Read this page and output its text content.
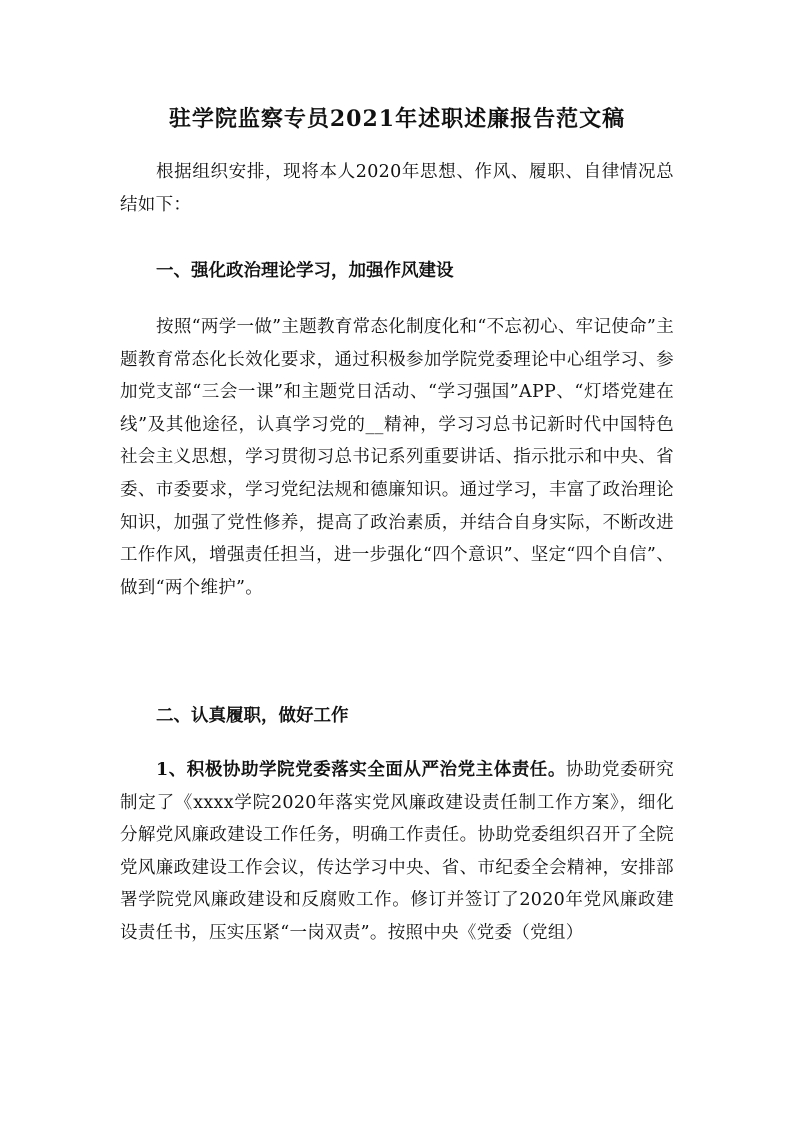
驻学院监察专员2021年述职述廉报告范文稿
根据组织安排，现将本人2020年思想、作风、履职、自律情况总结如下：
一、强化政治理论学习，加强作风建设
按照“两学一做”主题教育常态化制度化和“不忘初心、牢记使命”主题教育常态化长效化要求，通过积极参加学院党委理论中心组学习、参加党支部“三会一课”和主题党日活动、“学习强国”APP、“灯塔党建在线”及其他途径，认真学习党的__精神，学习习总书记新时代中国特色社会主义思想，学习贯彻习总书记系列重要讲话、指示批示和中央、省委、市委要求，学习党纪法规和德廉知识。通过学习，丰富了政治理论知识，加强了党性修养，提高了政治素质，并结合自身实际，不断改进工作作风，增强责任担当，进一步强化“四个意识”、坚定“四个自信”、做到“两个维护”。
二、认真履职，做好工作
1、积极协助学院党委落实全面从严治党主体责任。协助党委研究制定了《xxxx学院2020年落实党风廉政建设责任制工作方案》，细化分解党风廉政建设工作任务，明确工作责任。协助党委组织召开了全院党风廉政建设工作会议，传达学习中央、省、市纪委全会精神，安排部署学院党风廉政建设和反腐败工作。修订并签订了2020年党风廉政建设责任书，压实压紧“一岗双责”。按照中央《党委（党组）
